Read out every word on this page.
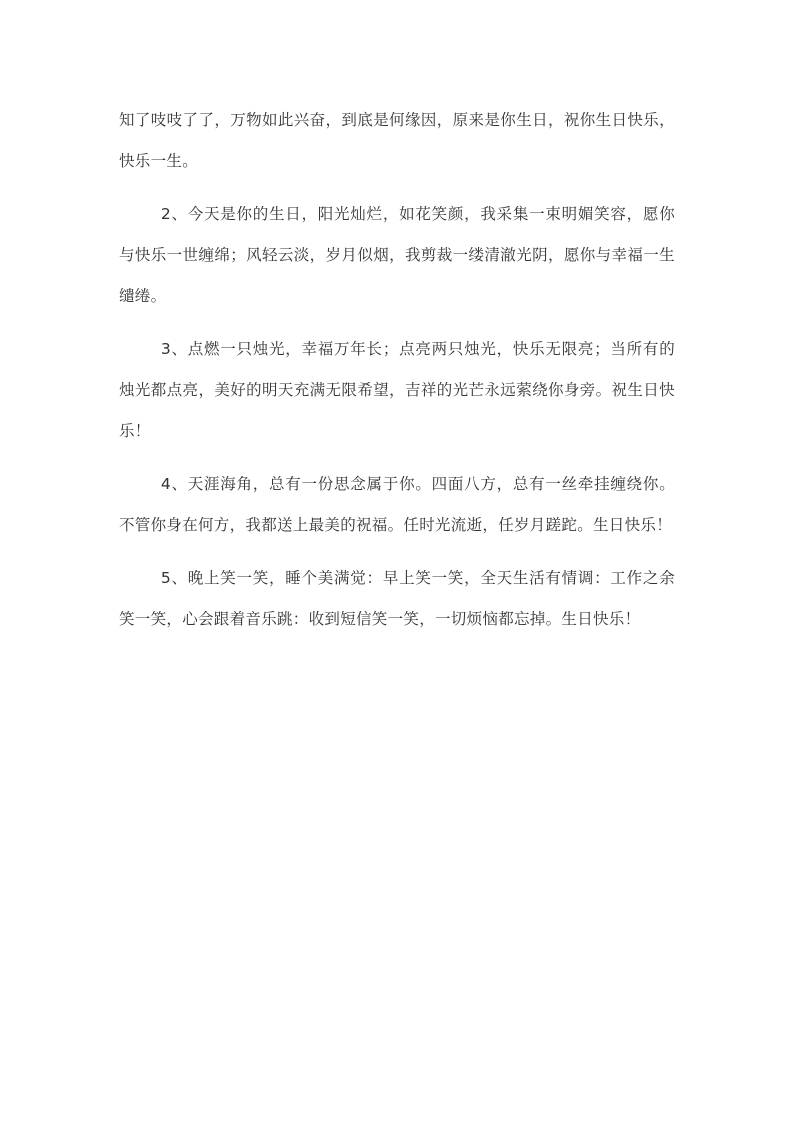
知了吱吱了了，万物如此兴奋，到底是何缘因，原来是你生日，祝你生日快乐，快乐一生。

2、今天是你的生日，阳光灿烂，如花笑颜，我采集一束明媚笑容，愿你与快乐一世缠绵；风轻云淡，岁月似烟，我剪裁一缕清澈光阴，愿你与幸福一生缱绻。

3、点燃一只烛光，幸福万年长；点亮两只烛光，快乐无限亮；当所有的烛光都点亮，美好的明天充满无限希望，吉祥的光芒永远萦绕你身旁。祝生日快乐！

4、天涯海角，总有一份思念属于你。四面八方，总有一丝牵挂缠绕你。不管你身在何方，我都送上最美的祝福。任时光流逝，任岁月蹉跎。生日快乐！

5、晚上笑一笑，睡个美满觉：早上笑一笑，全天生活有情调：工作之余笑一笑，心会跟着音乐跳：收到短信笑一笑，一切烦恼都忘掉。生日快乐！
